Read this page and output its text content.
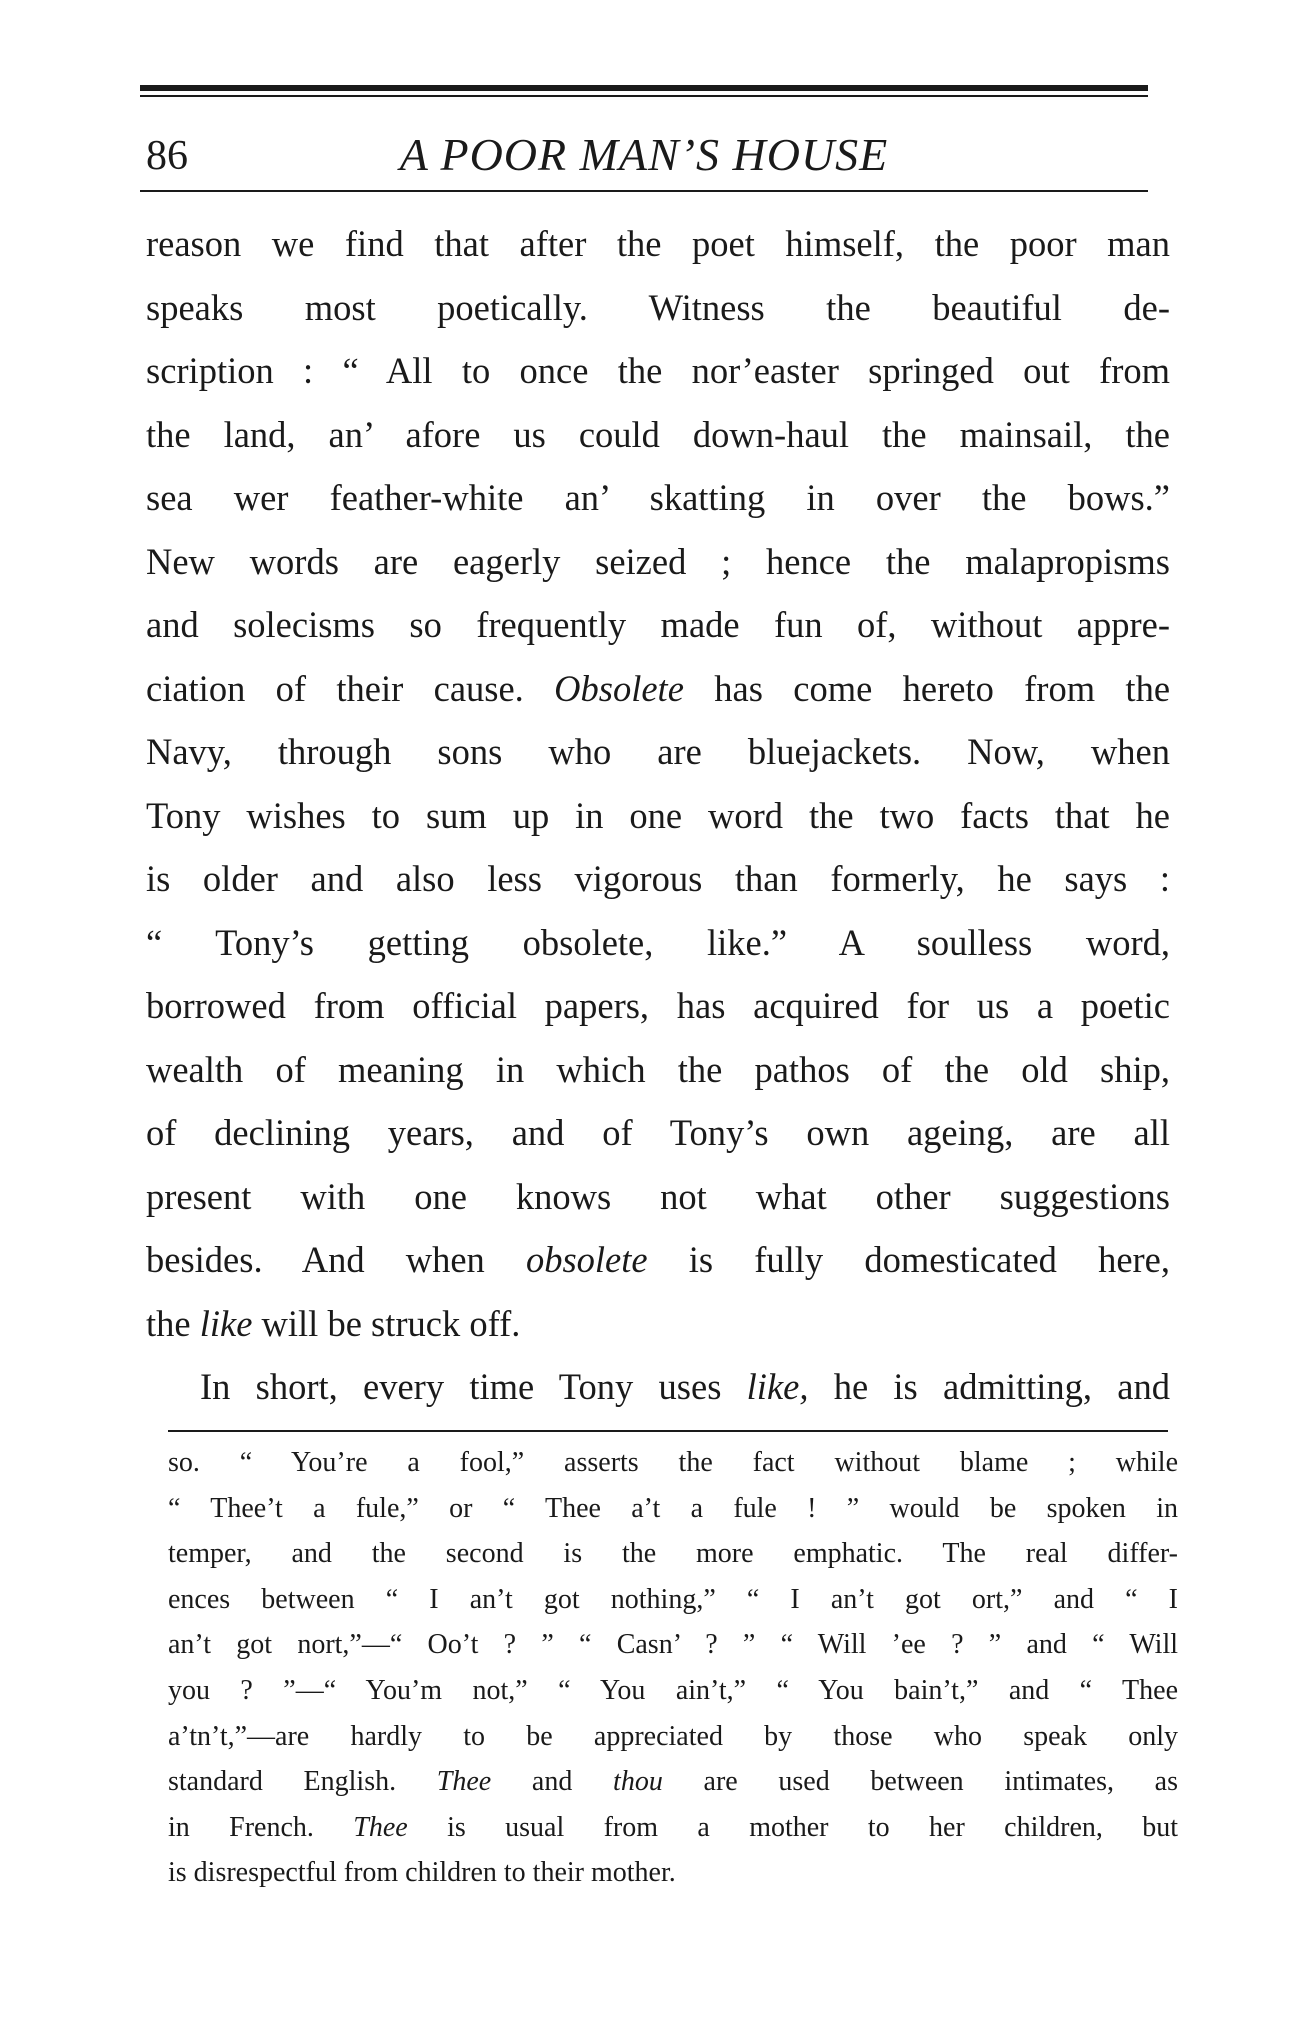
86	A POOR MAN’S HOUSE
reason we find that after the poet himself, the poor man
speaks most poetically. Witness the beautiful de-
scription : “ All to once the nor’easter springed out from
the land, an’ afore us could down-haul the mainsail, the
sea wer feather-white an’ skatting in over the bows.”
New words are eagerly seized ; hence the malapropisms
and solecisms so frequently made fun of, without appre-
ciation of their cause. Obsolete has come hereto from the
Navy, through sons who are bluejackets. Now, when
Tony wishes to sum up in one word the two facts that he
is older and also less vigorous than formerly, he says :
“ Tony’s getting obsolete, like.” A soulless word,
borrowed from official papers, has acquired for us a poetic
wealth of meaning in which the pathos of the old ship,
of declining years, and of Tony’s own ageing, are all
present with one knows not what other suggestions
besides. And when obsolete is fully domesticated here,
the like will be struck off.
In short, every time Tony uses like, he is admitting, and
so. “ You’re a fool,” asserts the fact without blame ; while
“ Thee’t a fule,” or “ Thee a’t a fule ! ” would be spoken in
temper, and the second is the more emphatic. The real differ-
ences between “ I an’t got nothing,” “ I an’t got ort,” and “ I
an’t got nort,”—“ Oo’t ? ” “ Casn’ ? ” “ Will ’ee ? ” and “ Will
you ? ”—“ You’m not,” “ You ain’t,” “ You bain’t,” and “ Thee
a’tn’t,”—are hardly to be appreciated by those who speak only
standard English. Thee and thou are used between intimates, as
in French. Thee is usual from a mother to her children, but
is disrespectful from children to their mother.
